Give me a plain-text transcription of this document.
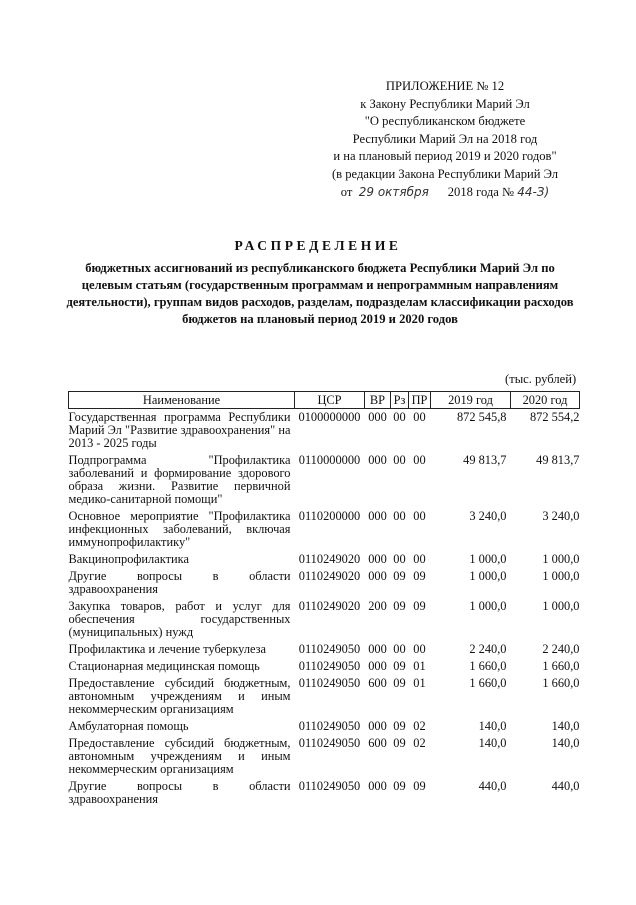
ПРИЛОЖЕНИЕ № 12
к Закону Республики Марий Эл
"О республиканском бюджете
Республики Марий Эл на 2018 год
и на плановый период 2019 и 2020 годов"
(в редакции Закона Республики Марий Эл
от 29 октября 2018 года № 44-З)
РАСПРЕДЕЛЕНИЕ
бюджетных ассигнований из республиканского бюджета Республики Марий Эл по целевым статьям (государственным программам и непрограммным направлениям деятельности), группам видов расходов, разделам, подразделам классификации расходов бюджетов на плановый период 2019 и 2020 годов
(тыс. рублей)
Наименование	ЦСР	ВР	Рз	ПР	2019 год	2020 год
Государственная программа Республики Марий Эл "Развитие здравоохранения" на 2013 - 2025 годы	0100000000	000	00	00	872 545,8	872 554,2
Подпрограмма "Профилактика заболеваний и формирование здорового образа жизни. Развитие первичной медико-санитарной помощи"	0110000000	000	00	00	49 813,7	49 813,7
Основное мероприятие "Профилактика инфекционных заболеваний, включая иммунопрофилактику"	0110200000	000	00	00	3 240,0	3 240,0
Вакцинопрофилактика	0110249020	000	00	00	1 000,0	1 000,0
Другие вопросы в области здравоохранения	0110249020	000	09	09	1 000,0	1 000,0
Закупка товаров, работ и услуг для обеспечения государственных (муниципальных) нужд	0110249020	200	09	09	1 000,0	1 000,0
Профилактика и лечение туберкулеза	0110249050	000	00	00	2 240,0	2 240,0
Стационарная медицинская помощь	0110249050	000	09	01	1 660,0	1 660,0
Предоставление субсидий бюджетным, автономным учреждениям и иным некоммерческим организациям	0110249050	600	09	01	1 660,0	1 660,0
Амбулаторная помощь	0110249050	000	09	02	140,0	140,0
Предоставление субсидий бюджетным, автономным учреждениям и иным некоммерческим организациям	0110249050	600	09	02	140,0	140,0
Другие вопросы в области здравоохранения	0110249050	000	09	09	440,0	440,0
